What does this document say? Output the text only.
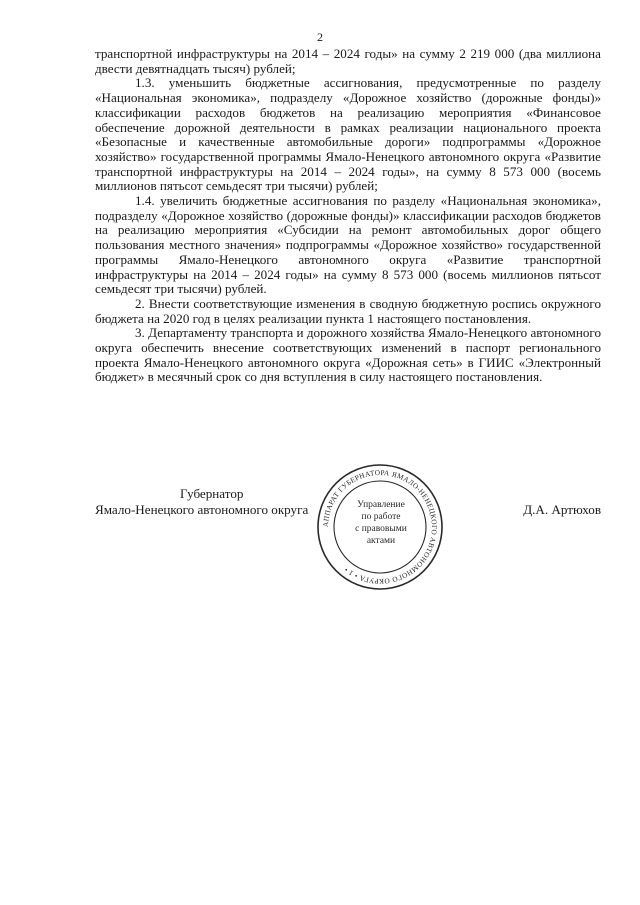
2

транспортной инфраструктуры на 2014 – 2024 годы» на сумму 2 219 000 (два миллиона двести девятнадцать тысяч) рублей;

1.3. уменьшить бюджетные ассигнования, предусмотренные по разделу «Национальная экономика», подразделу «Дорожное хозяйство (дорожные фонды)» классификации расходов бюджетов на реализацию мероприятия «Финансовое обеспечение дорожной деятельности в рамках реализации национального проекта «Безопасные и качественные автомобильные дороги» подпрограммы «Дорожное хозяйство» государственной программы Ямало-Ненецкого автономного округа «Развитие транспортной инфраструктуры на 2014 – 2024 годы», на сумму 8 573 000 (восемь миллионов пятьсот семьдесят три тысячи) рублей;

1.4. увеличить бюджетные ассигнования по разделу «Национальная экономика», подразделу «Дорожное хозяйство (дорожные фонды)» классификации расходов бюджетов на реализацию мероприятия «Субсидии на ремонт автомобильных дорог общего пользования местного значения» подпрограммы «Дорожное хозяйство» государственной программы Ямало-Ненецкого автономного округа «Развитие транспортной инфраструктуры на 2014 – 2024 годы» на сумму 8 573 000 (восемь миллионов пятьсот семьдесят три тысячи) рублей.

2. Внести соответствующие изменения в сводную бюджетную роспись окружного бюджета на 2020 год в целях реализации пункта 1 настоящего постановления.

3. Департаменту транспорта и дорожного хозяйства Ямало-Ненецкого автономного округа обеспечить внесение соответствующих изменений в паспорт регионального проекта Ямало-Ненецкого автономного округа «Дорожная сеть» в ГИИС «Электронный бюджет» в месячный срок со дня вступления в силу настоящего постановления.

Губернатор
Ямало-Ненецкого автономного округа	Д.А. Артюхов
АППАРАТ ГУБЕРНАТОРА ЯМАЛО-НЕНЕЦКОГО АВТОНОМНОГО ОКРУГА • 1 •
Управление
по работе
с правовыми
актами
